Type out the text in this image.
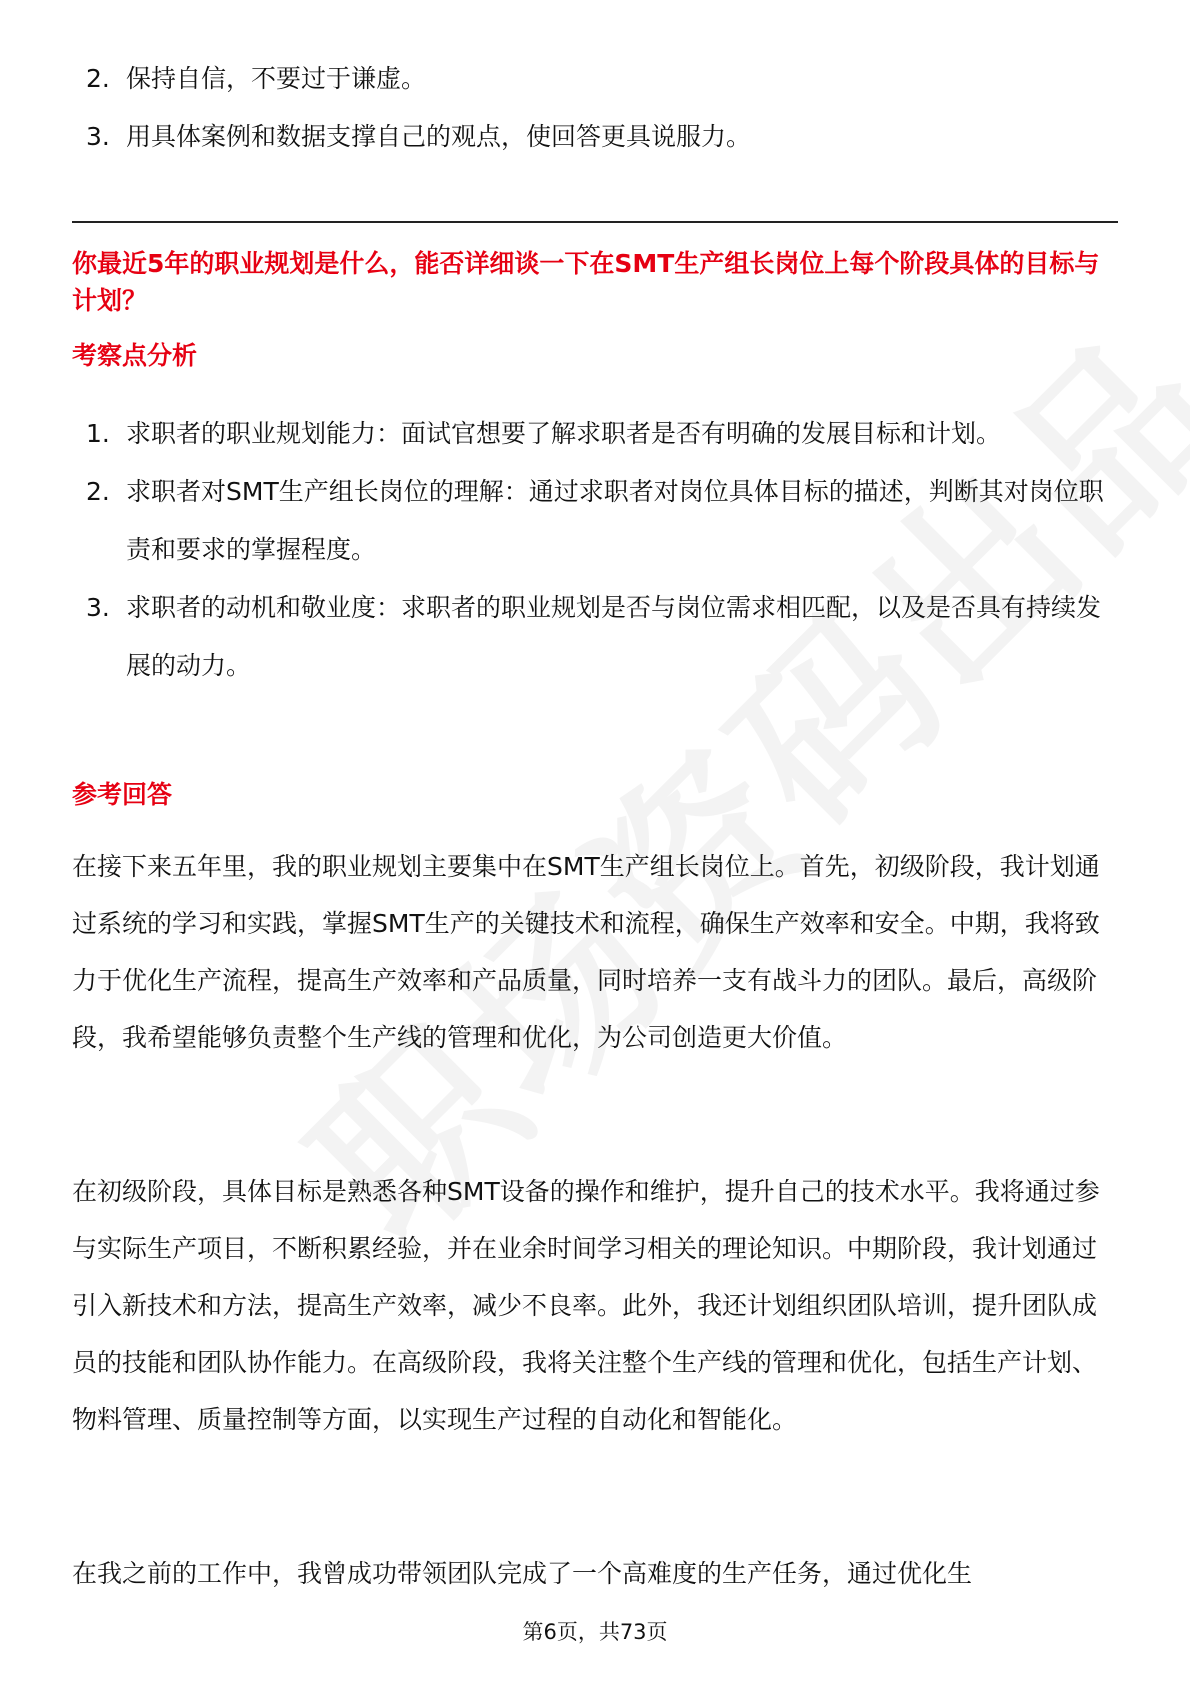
2. 保持自信，不要过于谦虚。
3. 用具体案例和数据支撑自己的观点，使回答更具说服力。

你最近5年的职业规划是什么，能否详细谈一下在SMT生产组长岗位上每个阶段具体的目标与计划？

考察点分析
1. 求职者的职业规划能力：面试官想要了解求职者是否有明确的发展目标和计划。
2. 求职者对SMT生产组长岗位的理解：通过求职者对岗位具体目标的描述，判断其对岗位职责和要求的掌握程度。
3. 求职者的动机和敬业度：求职者的职业规划是否与岗位需求相匹配，以及是否具有持续发展的动力。
参考回答

在接下来五年里，我的职业规划主要集中在SMT生产组长岗位上。首先，初级阶段，我计划通过系统的学习和实践，掌握SMT生产的关键技术和流程，确保生产效率和安全。中期，我将致力于优化生产流程，提高生产效率和产品质量，同时培养一支有战斗力的团队。最后，高级阶段，我希望能够负责整个生产线的管理和优化，为公司创造更大价值。

在初级阶段，具体目标是熟悉各种SMT设备的操作和维护，提升自己的技术水平。我将通过参与实际生产项目，不断积累经验，并在业余时间学习相关的理论知识。中期阶段，我计划通过引入新技术和方法，提高生产效率，减少不良率。此外，我还计划组织团队培训，提升团队成员的技能和团队协作能力。在高级阶段，我将关注整个生产线的管理和优化，包括生产计划、物料管理、质量控制等方面，以实现生产过程的自动化和智能化。

在我之前的工作中，我曾成功带领团队完成了一个高难度的生产任务，通过优化生

第6页，共73页
